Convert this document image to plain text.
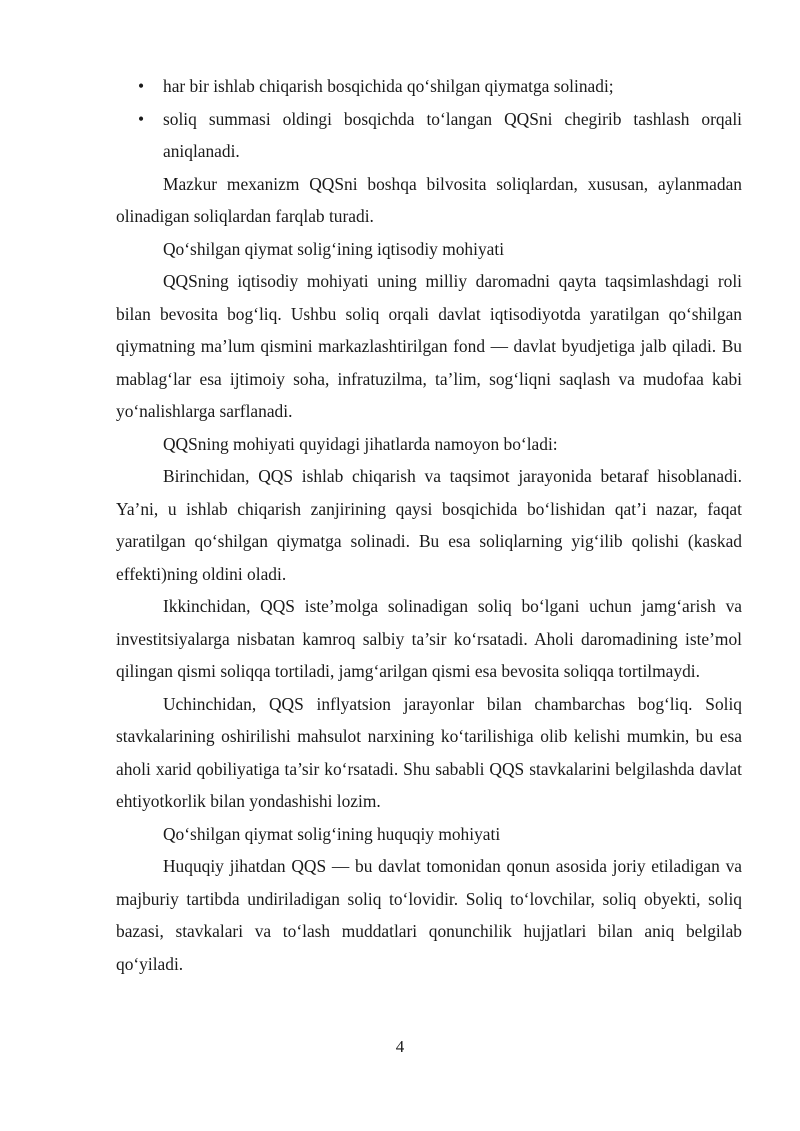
• har bir ishlab chiqarish bosqichida qo‘shilgan qiymatga solinadi;
• soliq summasi oldingi bosqichda to‘langan QQSni chegirib tashlash orqali aniqlanadi.

Mazkur mexanizm QQSni boshqa bilvosita soliqlardan, xususan, aylanmadan olinadigan soliqlardan farqlab turadi.

Qo‘shilgan qiymat solig‘ining iqtisodiy mohiyati

QQSning iqtisodiy mohiyati uning milliy daromadni qayta taqsimlashdagi roli bilan bevosita bog‘liq. Ushbu soliq orqali davlat iqtisodiyotda yaratilgan qo‘shilgan qiymatning ma’lum qismini markazlashtirilgan fond — davlat byudjetiga jalb qiladi. Bu mablag‘lar esa ijtimoiy soha, infratuzilma, ta’lim, sog‘liqni saqlash va mudofaa kabi yo‘nalishlarga sarflanadi.

QQSning mohiyati quyidagi jihatlarda namoyon bo‘ladi:

Birinchidan, QQS ishlab chiqarish va taqsimot jarayonida betaraf hisoblanadi. Ya’ni, u ishlab chiqarish zanjirining qaysi bosqichida bo‘lishidan qat’i nazar, faqat yaratilgan qo‘shilgan qiymatga solinadi. Bu esa soliqlarning yig‘ilib qolishi (kaskad effekti)ning oldini oladi.

Ikkinchidan, QQS iste’molga solinadigan soliq bo‘lgani uchun jamg‘arish va investitsiyalarga nisbatan kamroq salbiy ta’sir ko‘rsatadi. Aholi daromadining iste’mol qilingan qismi soliqqa tortiladi, jamg‘arilgan qismi esa bevosita soliqqa tortilmaydi.

Uchinchidan, QQS inflyatsion jarayonlar bilan chambarchas bog‘liq. Soliq stavkalarining oshirilishi mahsulot narxining ko‘tarilishiga olib kelishi mumkin, bu esa aholi xarid qobiliyatiga ta’sir ko‘rsatadi. Shu sababli QQS stavkalarini belgilashda davlat ehtiyotkorlik bilan yondashishi lozim.

Qo‘shilgan qiymat solig‘ining huquqiy mohiyati

Huquqiy jihatdan QQS — bu davlat tomonidan qonun asosida joriy etiladigan va majburiy tartibda undiriladigan soliq to‘lovidir. Soliq to‘lovchilar, soliq obyekti, soliq bazasi, stavkalari va to‘lash muddatlari qonunchilik hujjatlari bilan aniq belgilab qo‘yiladi.

4
